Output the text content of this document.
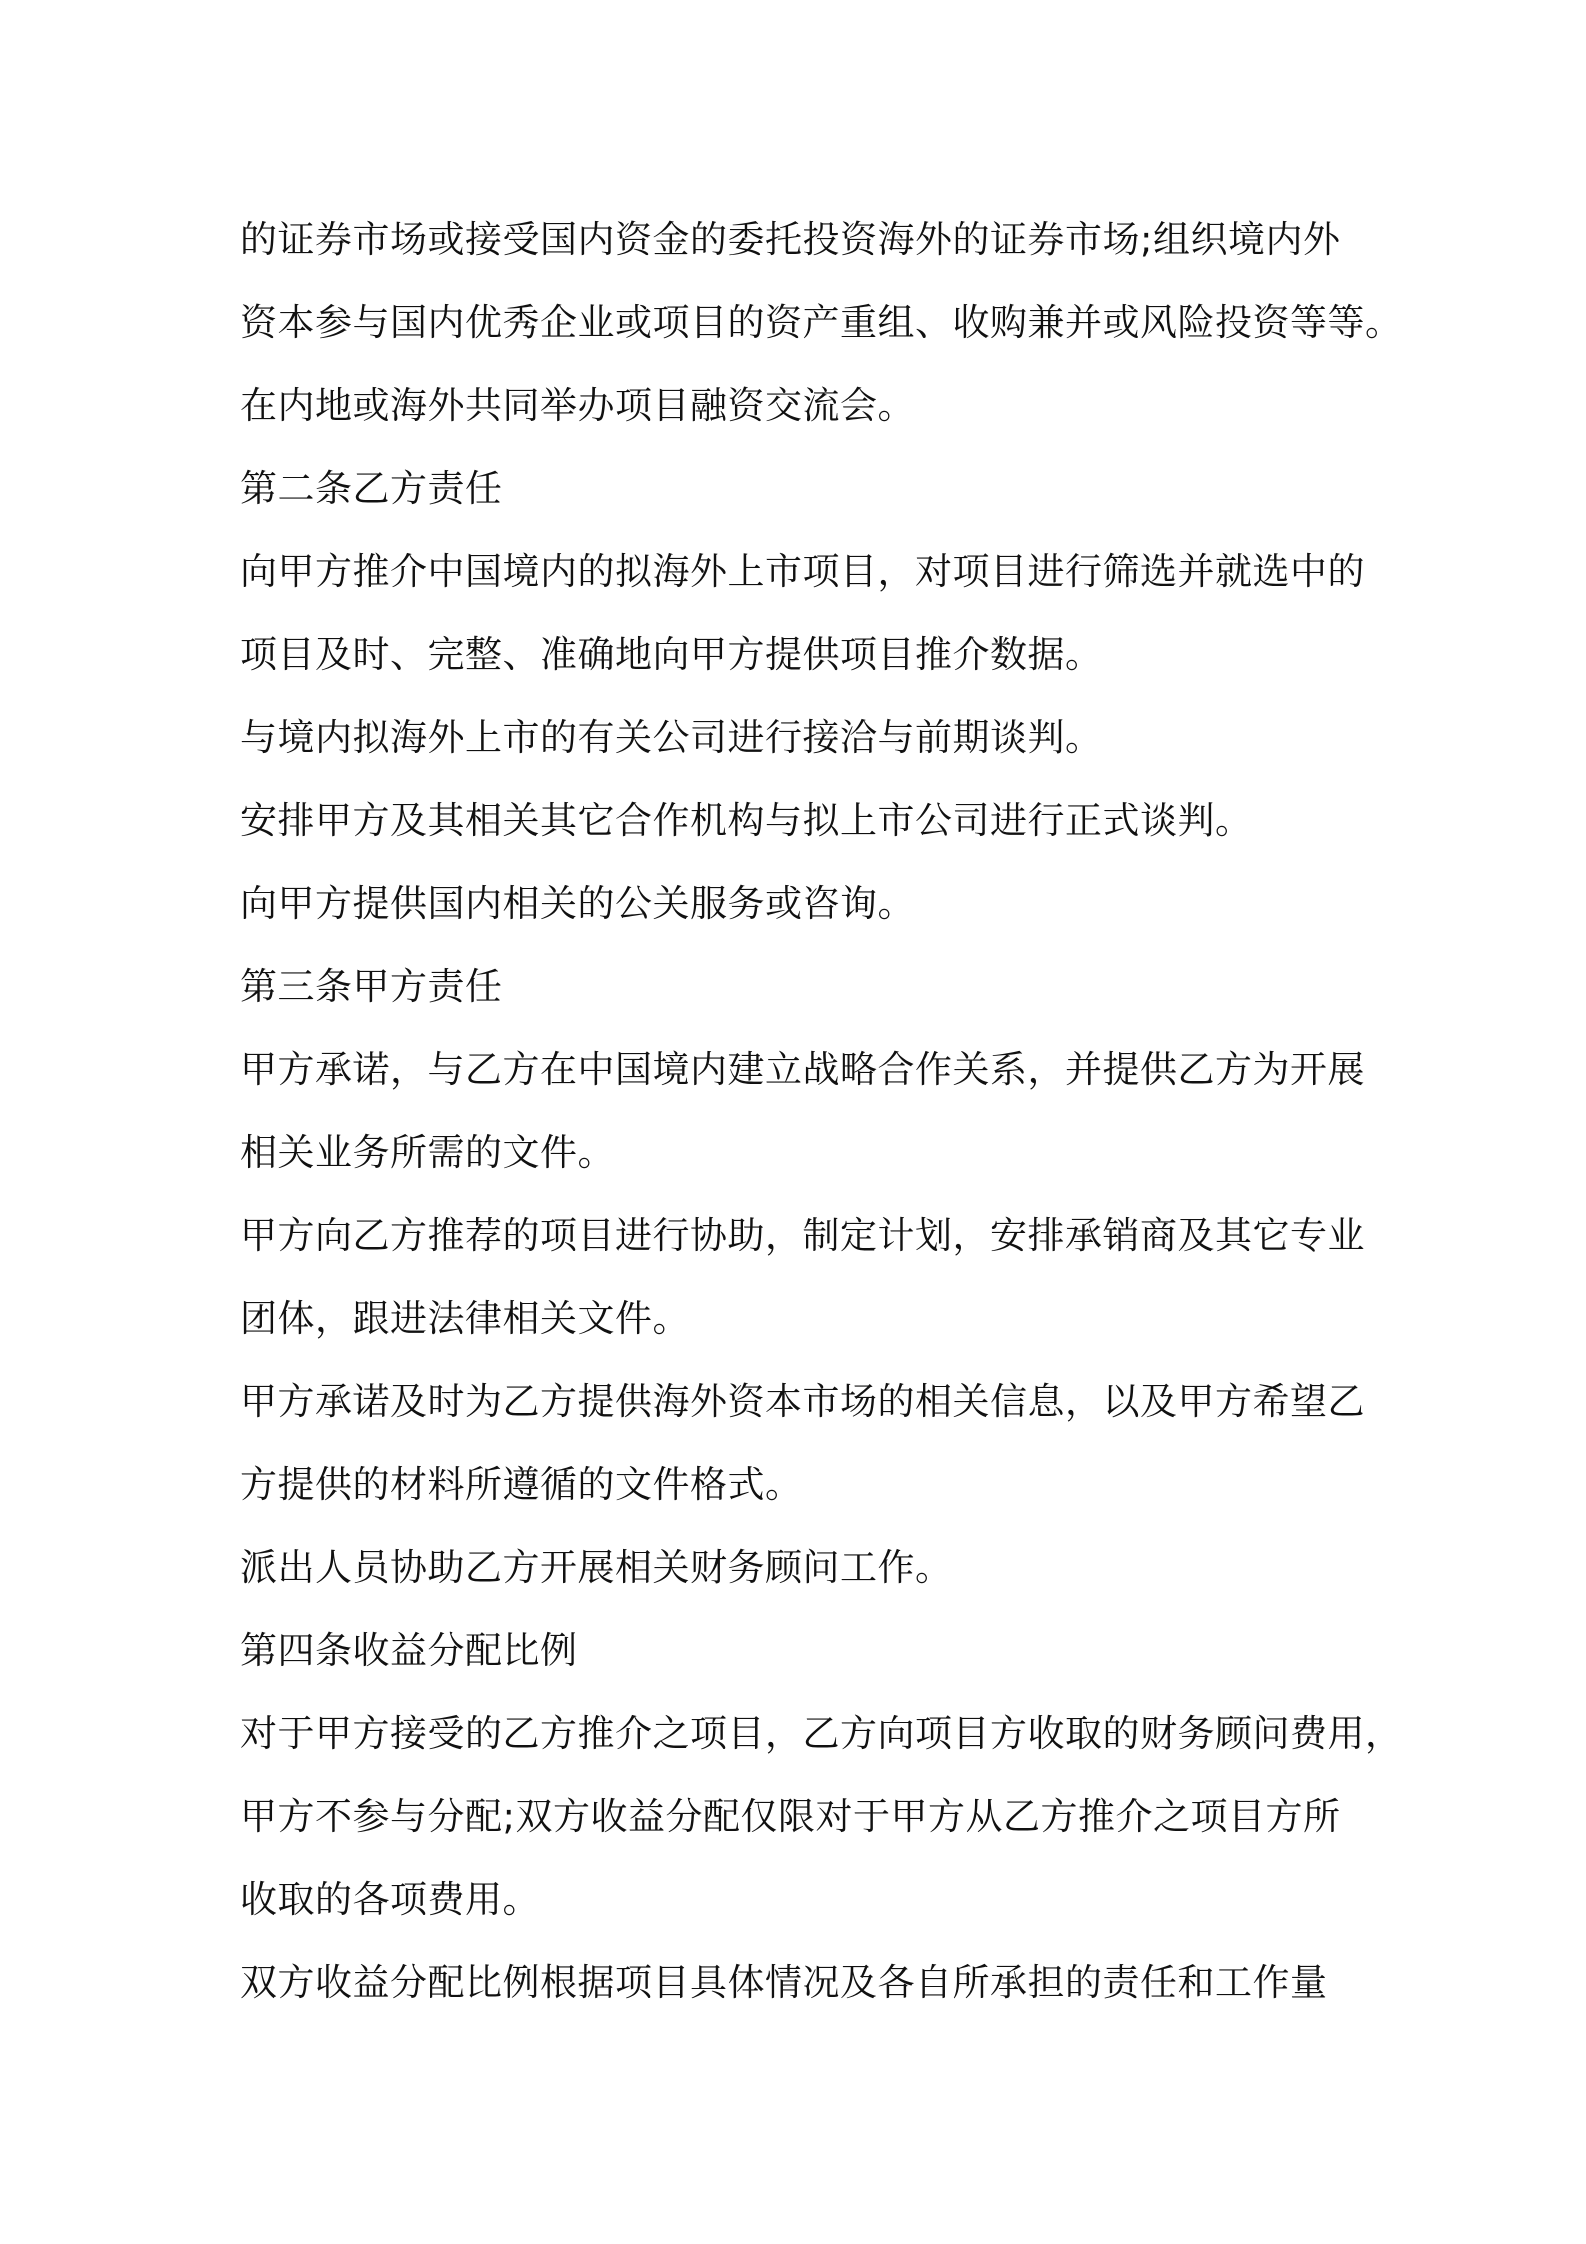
的证券市场或接受国内资金的委托投资海外的证券市场;组织境内外
资本参与国内优秀企业或项目的资产重组、收购兼并或风险投资等等。
在内地或海外共同举办项目融资交流会。
第二条乙方责任
向甲方推介中国境内的拟海外上市项目，对项目进行筛选并就选中的
项目及时、完整、准确地向甲方提供项目推介数据。
与境内拟海外上市的有关公司进行接洽与前期谈判。
安排甲方及其相关其它合作机构与拟上市公司进行正式谈判。
向甲方提供国内相关的公关服务或咨询。
第三条甲方责任
甲方承诺，与乙方在中国境内建立战略合作关系，并提供乙方为开展
相关业务所需的文件。
甲方向乙方推荐的项目进行协助，制定计划，安排承销商及其它专业
团体，跟进法律相关文件。
甲方承诺及时为乙方提供海外资本市场的相关信息，以及甲方希望乙
方提供的材料所遵循的文件格式。
派出人员协助乙方开展相关财务顾问工作。
第四条收益分配比例
对于甲方接受的乙方推介之项目，乙方向项目方收取的财务顾问费用，
甲方不参与分配;双方收益分配仅限对于甲方从乙方推介之项目方所
收取的各项费用。
双方收益分配比例根据项目具体情况及各自所承担的责任和工作量
